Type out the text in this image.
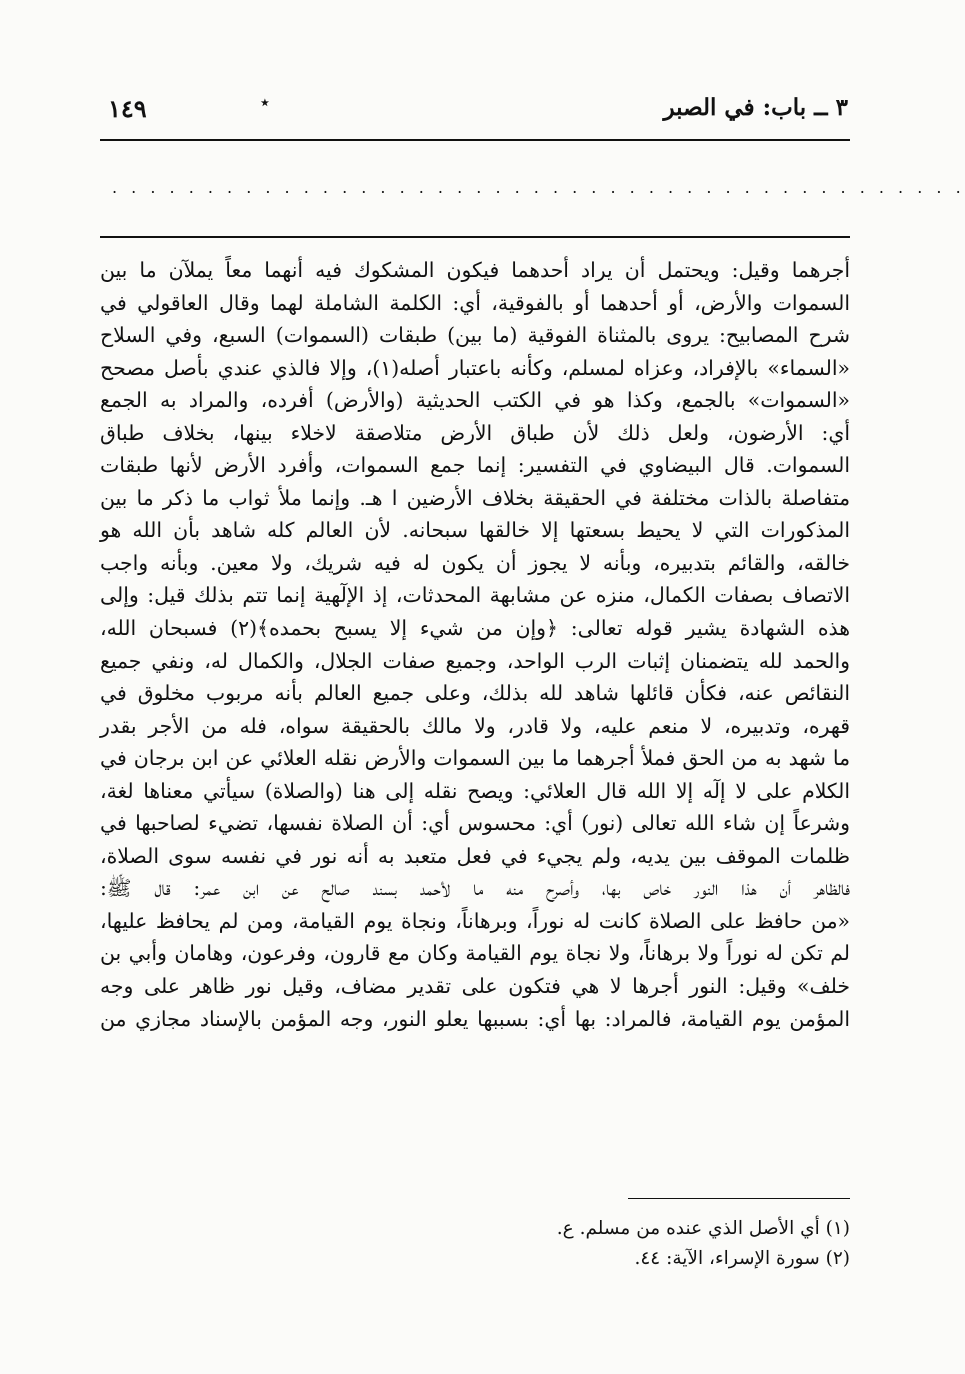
١٤٩	٭	٣ ــ باب: في الصبر
. . . . . . . . . . . . . . . . . . . . . . . . . . . . . . . . . . . . . . . . . . . . .
أجرهما وقيل: ويحتمل أن يراد أحدهما فيكون المشكوك فيه أنهما معاً يملآن ما بين
السموات والأرض، أو أحدهما أو بالفوقية، أي: الكلمة الشاملة لهما وقال العاقولي في
شرح المصابيح: يروى بالمثناة الفوقية (ما بين) طبقات (السموات) السبع، وفي السلاح
«السماء» بالإفراد، وعزاه لمسلم، وكأنه باعتبار أصله(١)، وإلا فالذي عندي بأصل مصحح
«السموات» بالجمع، وكذا هو في الكتب الحديثية (والأرض) أفرده، والمراد به الجمع
أي: الأرضون، ولعل ذلك لأن طباق الأرض متلاصقة لاخلاء بينها، بخلاف طباق
السموات. قال البيضاوي في التفسير: إنما جمع السموات، وأفرد الأرض لأنها طبقات
متفاصلة بالذات مختلفة في الحقيقة بخلاف الأرضين ا هـ. وإنما ملأ ثواب ما ذكر ما بين
المذكورات التي لا يحيط بسعتها إلا خالقها سبحانه. لأن العالم كله شاهد بأن الله هو
خالقه، والقائم بتدبيره، وبأنه لا يجوز أن يكون له فيه شريك، ولا معين. وبأنه واجب
الاتصاف بصفات الكمال، منزه عن مشابهة المحدثات، إذ الإلٓهية إنما تتم بذلك قيل: وإلى
هذه الشهادة يشير قوله تعالى: ﴿وإن من شيء إلا يسبح بحمده﴾(٢) فسبحان الله،
والحمد لله يتضمنان إثبات الرب الواحد، وجميع صفات الجلال، والكمال له، ونفي جميع
النقائص عنه، فكأن قائلها شاهد لله بذلك، وعلى جميع العالم بأنه مربوب مخلوق في
قهره، وتدبيره، لا منعم عليه، ولا قادر، ولا مالك بالحقيقة سواه، فله من الأجر بقدر
ما شهد به من الحق فملأ أجرهما ما بين السموات والأرض نقله العلائي عن ابن برجان في
الكلام على لا إلٓه إلا الله قال العلائي: ويصح نقله إلى هنا (والصلاة) سيأتي معناها لغة،
وشرعاً إن شاء الله تعالى (نور) أي: محسوس أي: أن الصلاة نفسها، تضيء لصاحبها في
ظلمات الموقف بين يديه، ولم يجيء في فعل متعبد به أنه نور في نفسه سوى الصلاة،
فالظاهر أن هذا النور خاص بها، وأصرح منه ما لأحمد بسند صالح عن ابن عمر: قال ﷺ:
«من حافظ على الصلاة كانت له نوراً، وبرهاناً، ونجاة يوم القيامة، ومن لم يحافظ عليها،
لم تكن له نوراً ولا برهاناً، ولا نجاة يوم القيامة وكان مع قارون، وفرعون، وهامان وأبي بن
خلف» وقيل: النور أجرها لا هي فتكون على تقدير مضاف، وقيل نور ظاهر على وجه
المؤمن يوم القيامة، فالمراد: بها أي: بسببها يعلو النور، وجه المؤمن بالإسناد مجازي من
(١) أي الأصل الذي عنده من مسلم. ع.
(٢) سورة الإسراء، الآية: ٤٤.
